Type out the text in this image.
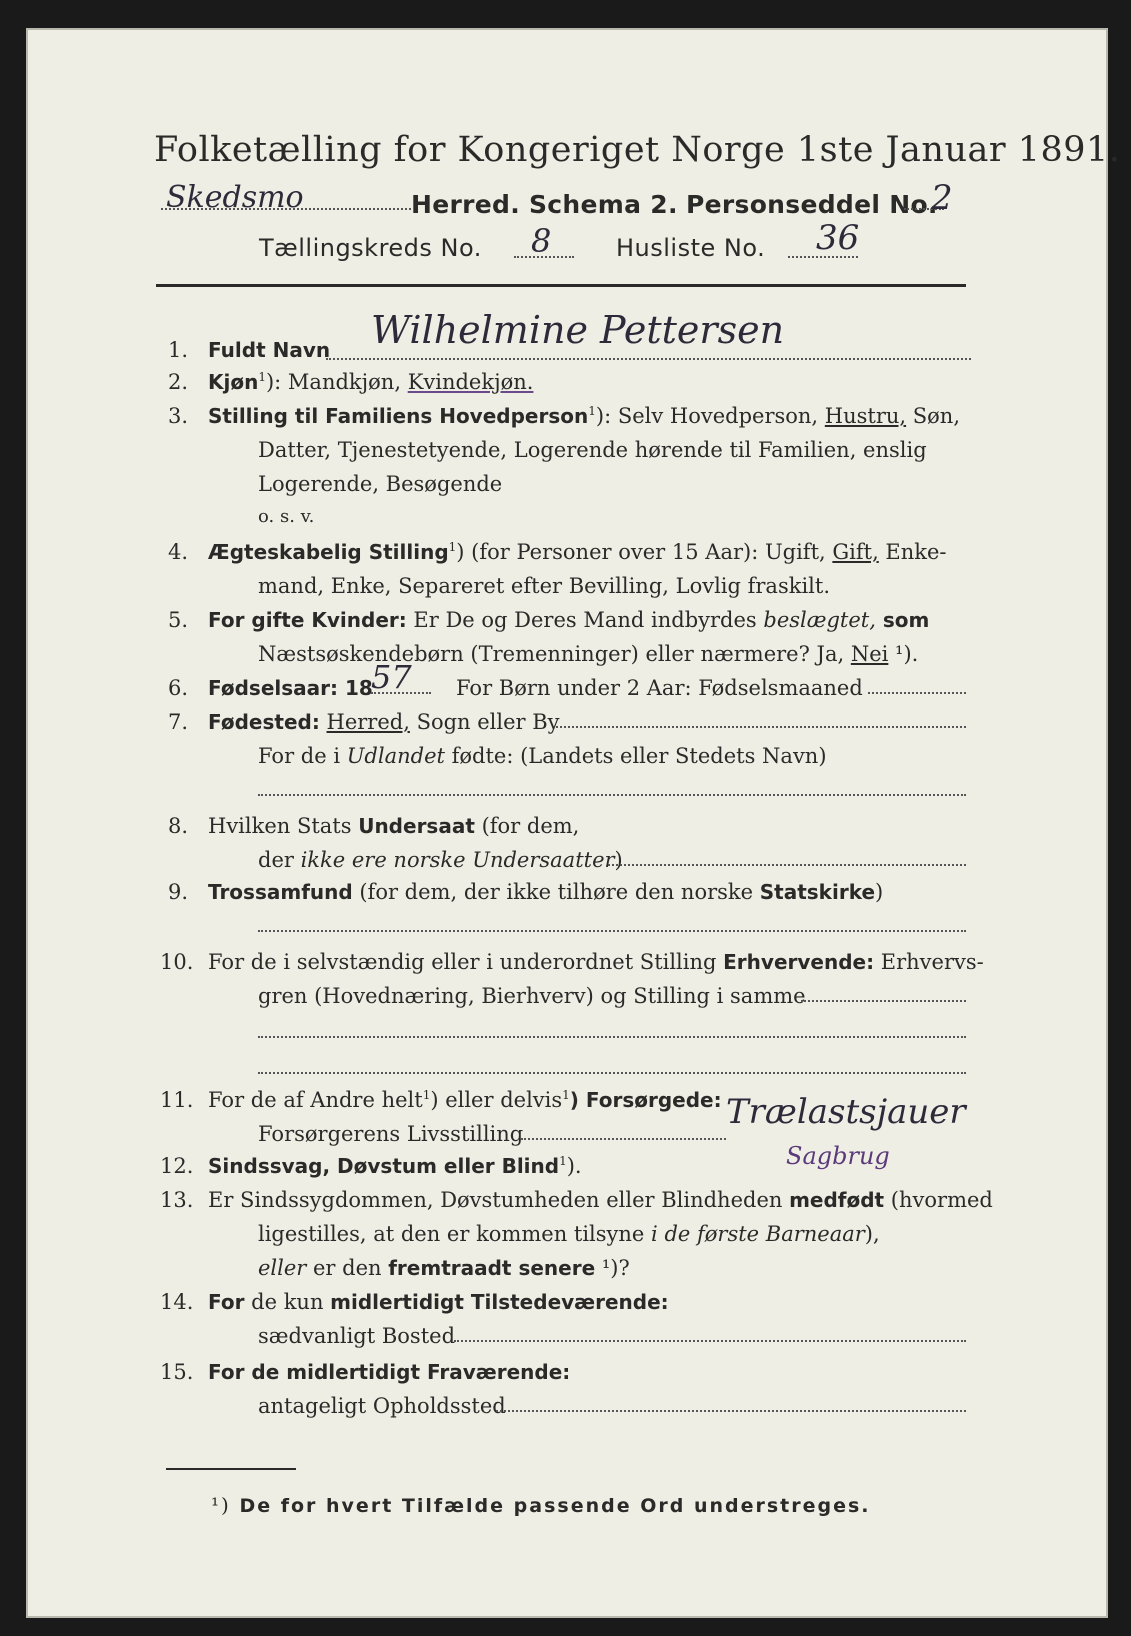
Folketælling for Kongeriget Norge 1ste Januar 1891.
Skedsmo	Herred. Schema 2. Personseddel No.
2
Tællingskreds No. 8	Husliste No. 36
1. Fuldt Navn Wilhelmine Pettersen
2. Kjøn$^1$): Mandkjøn, Kvindekjøn.
3. Stilling til Familiens Hovedperson$^1$): Selv Hovedperson, Hustru, Søn,
Datter, Tjenestetyende, Logerende hørende til Familien, enslig
Logerende, Besøgende
o. s. v.
4. Ægteskabelig Stilling$^1$) (for Personer over 15 Aar): Ugift, Gift, Enke-
mand, Enke, Separeret efter Bevilling, Lovlig fraskilt.
5. For gifte Kvinder: Er De og Deres Mand indbyrdes beslægtet, som
Næstsøskendebørn (Tremenninger) eller nærmere? Ja, Nei ¹).
6. Fødselsaar: 18
57 For Børn under 2 Aar: Fødselsmaaned
7. Fødested: Herred, Sogn eller By
For de i Udlandet fødte: (Landets eller Stedets Navn)
8. Hvilken Stats Undersaat (for dem,
der ikke ere norske Undersaatter)
9. Trossamfund (for dem, der ikke tilhøre den norske Statskirke)
10. For de i selvstændig eller i underordnet Stilling Erhvervende: Erhvervs-
gren (Hovednæring, Bierhverv) og Stilling i samme
11. For de af Andre helt$^1$) eller delvis$^1$) Forsørgede:
Forsørgerens Livsstilling
Trælastsjauer
Sagbrug
12. Sindssvag, Døvstum eller Blind$^1$).
13. Er Sindssygdommen, Døvstumheden eller Blindheden medfødt (hvormed
ligestilles, at den er kommen tilsyne i de første Barneaar),
eller er den fremtraadt senere ¹)?
14. For de kun midlertidigt Tilstedeværende:
sædvanligt Bosted
15. For de midlertidigt Fraværende:
antageligt Opholdssted
¹) De for hvert Tilfælde passende Ord understreges.
